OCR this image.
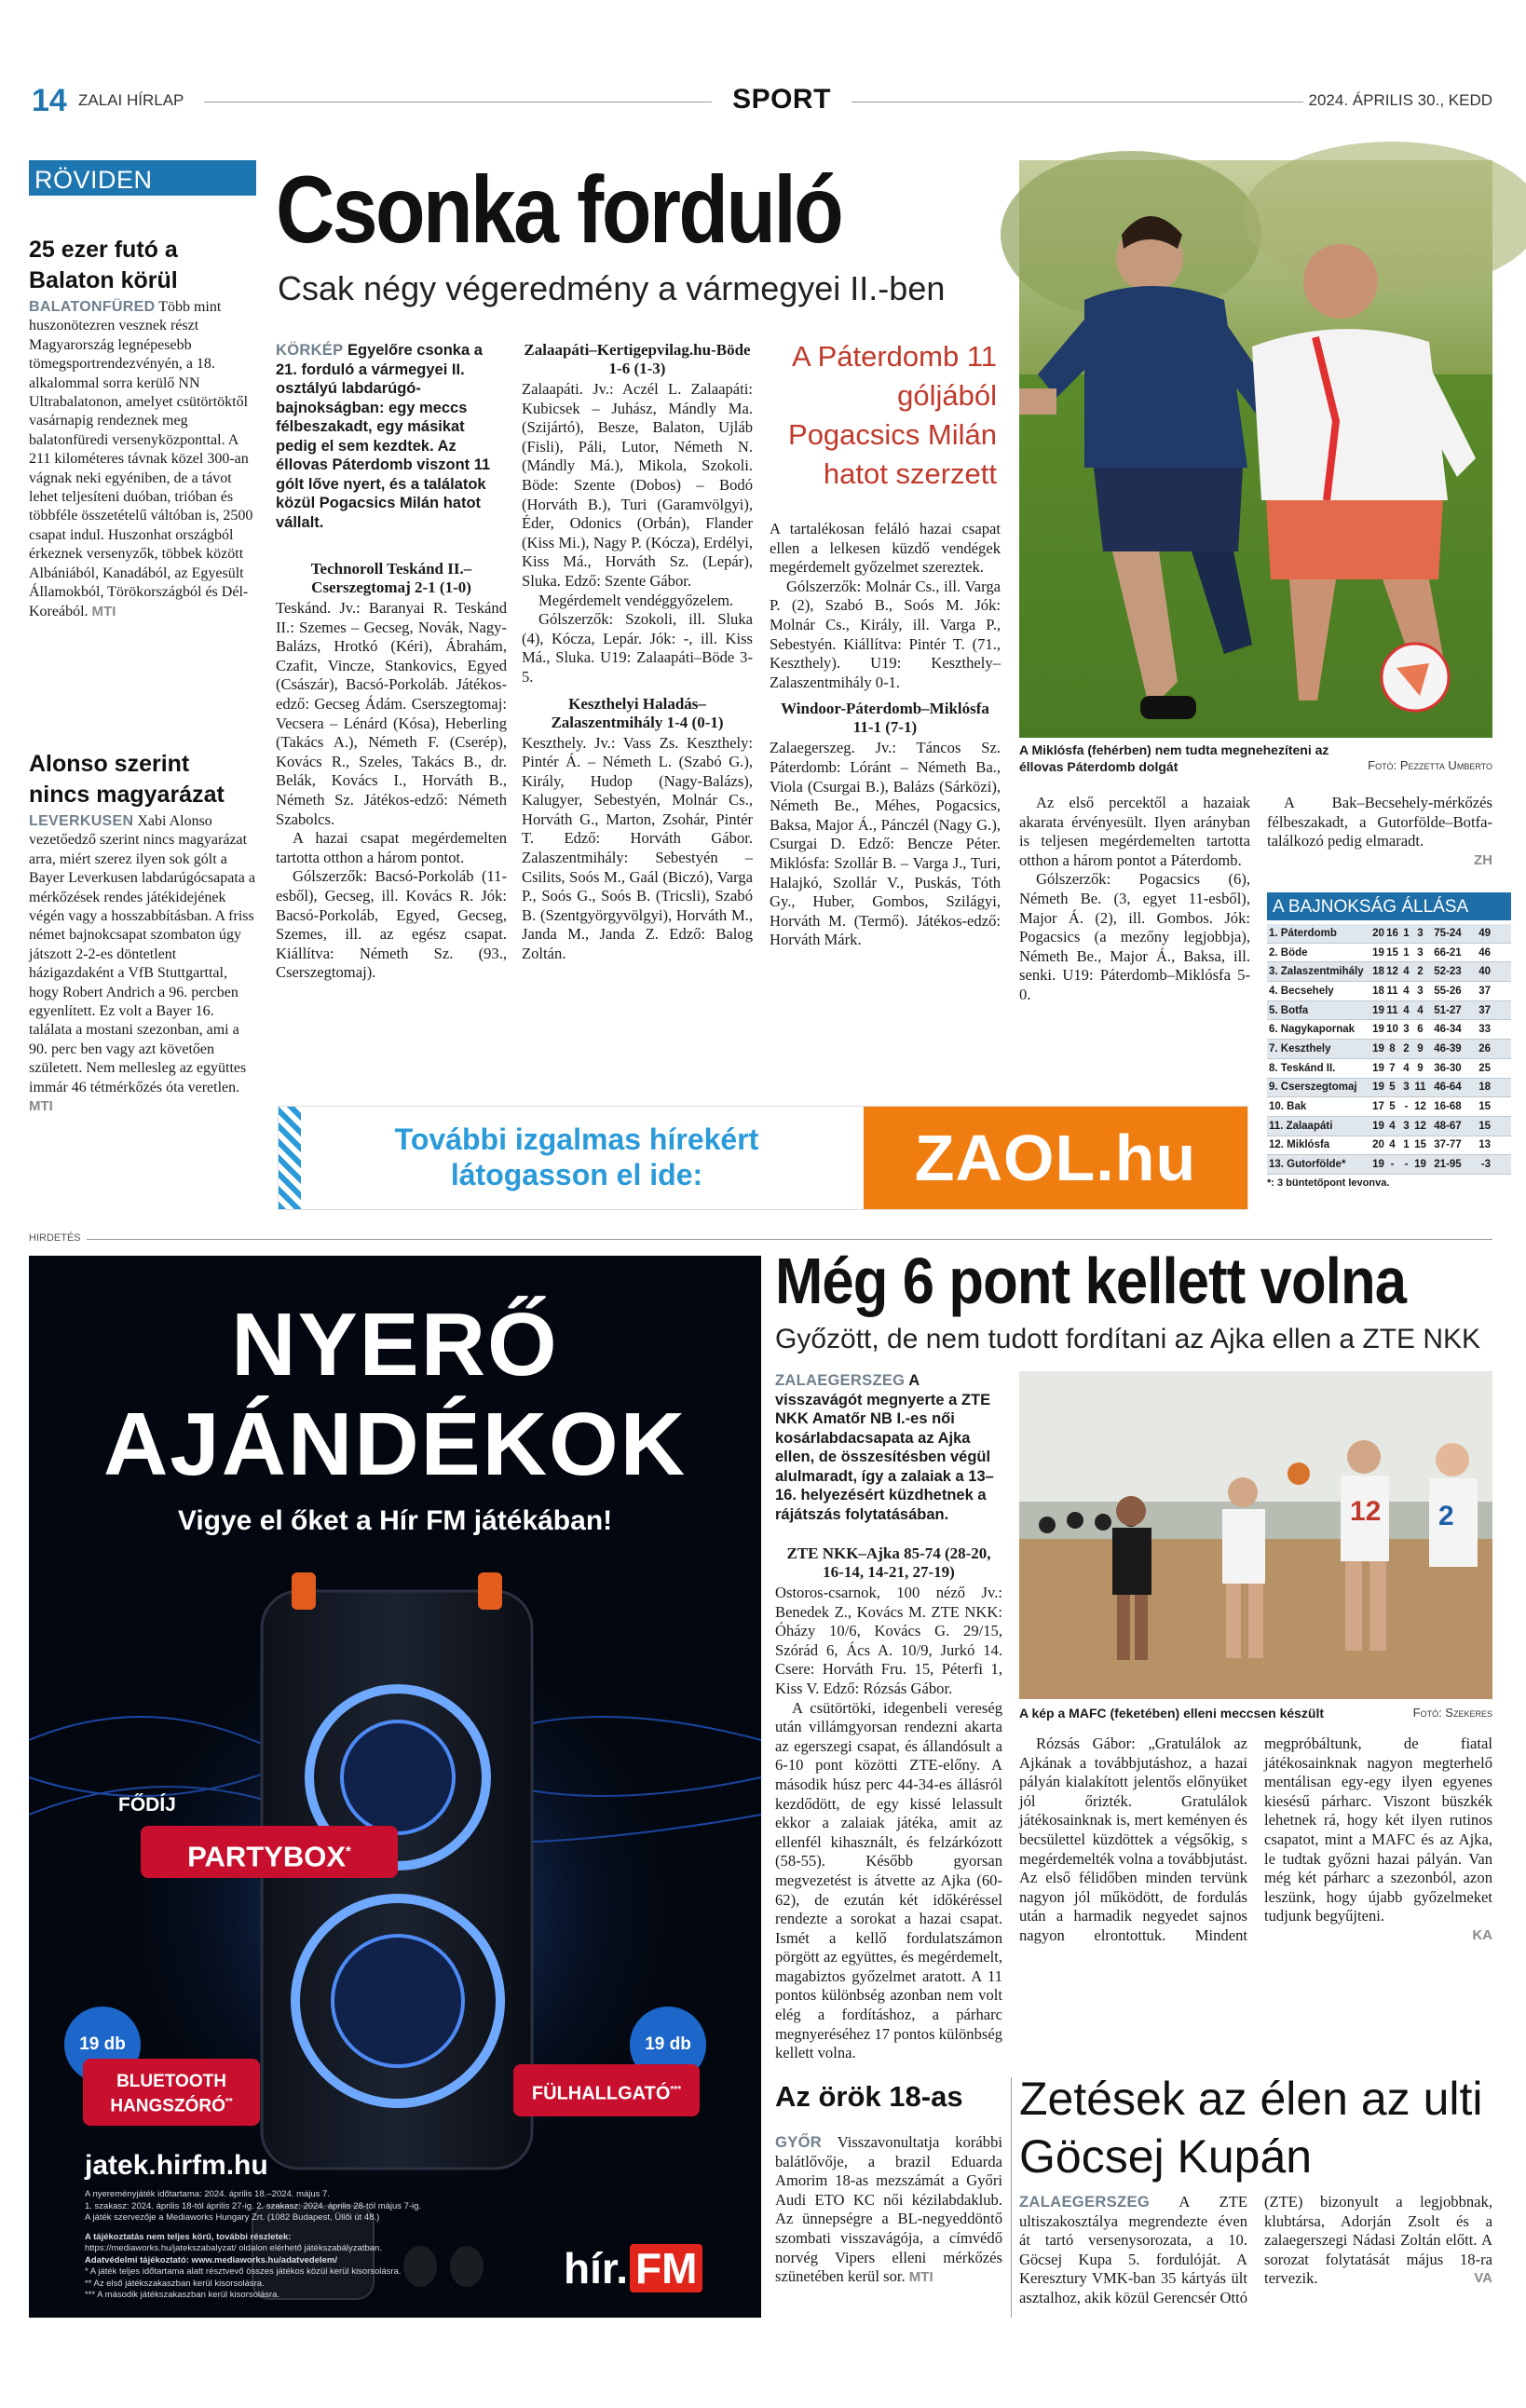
14 ZALAI HÍRLAP	SPORT	2024. ÁPRILIS 30., KEDD
RÖVIDEN
25 ezer futó a Balaton körül
BALATONFÜRED Több mint huszonötezren vesznek részt Magyarország legnépesebb tömegsportrendezvényén, a 18. alkalommal sorra kerülő NN Ultrabalatonon, amelyet csütörtöktől vasárnapig rendeznek meg balatonfüredi versenyközponttal. A 211 kilométeres távnak közel 300-an vágnak neki egyéniben, de a távot lehet teljesíteni duóban, trióban és többféle összetételű váltóban is, 2500 csapat indul. Huszonhat országból érkeznek versenyzők, többek között Albániából, Kanadából, az Egyesült Államokból, Törökországból és Dél-Koreából. MTI
Alonso szerint nincs magyarázat
LEVERKUSEN Xabi Alonso vezetőedző szerint nincs magyarázat arra, miért szerez ilyen sok gólt a Bayer Leverkusen labdarúgócsapata a mérkőzések rendes játékidejének végén vagy a hosszabbításban. A friss német bajnokcsapat szombaton úgy játszott 2-2-es döntetlent házigazdaként a VfB Stuttgarttal, hogy Robert Andrich a 96. percben egyenlített. Ez volt a Bayer 16. találata a mostani szezonban, ami a 90. perc ben vagy azt követően született. Nem mellesleg az együttes immár 46 tétmérkőzés óta veretlen. MTI
Csonka forduló
Csak négy végeredmény a vármegyei II.-ben
KÖRKÉP Egyelőre csonka a 21. forduló a vármegyei II. osztályú labdarúgó-bajnokságban: egy meccs félbeszakadt, egy másikat pedig el sem kezdtek. Az éllovas Páterdomb viszont 11 gólt lőve nyert, és a találatok közül Pogacsics Milán hatot vállalt.
Technoroll Teskánd II.–Cserszegtomaj 2-1 (1-0)

Teskánd. Jv.: Baranyai R. Teskánd II.: Szemes – Gecseg, Novák, Nagy-Balázs, Hrotkó (Kéri), Ábrahám, Czafit, Vincze, Stankovics, Egyed (Császár), Bacsó-Porkoláb. Játékos-edző: Gecseg Ádám. Cserszegtomaj: Vecsera – Lénárd (Kósa), Heberling (Takács A.), Németh F. (Cserép), Kovács R., Szeles, Takács B., dr. Belák, Kovács I., Horváth B., Németh Sz. Játékos-edző: Németh Szabolcs.

A hazai csapat megérdemelten tartotta otthon a három pontot.

Gólszerzők: Bacsó-Porkoláb (11-esből), Gecseg, ill. Kovács R. Jók: Bacsó-Porkoláb, Egyed, Gecseg, Szemes, ill. az egész csapat. Kiállítva: Németh Sz. (93., Cserszegtomaj).

Zalaapáti–Kertigepvilag.hu-Böde 1-6 (1-3)

Zalaapáti. Jv.: Aczél L. Zalaapáti: Kubicsek – Juhász, Mándly Ma. (Szijártó), Besze, Balaton, Ujláb (Fisli), Páli, Lutor, Németh N. (Mándly Má.), Mikola, Szokoli. Böde: Szente (Dobos) – Bodó (Horváth B.), Turi (Garamvölgyi), Éder, Odonics (Orbán), Flander (Kiss Mi.), Nagy P. (Kócza), Erdélyi, Kiss Má., Horváth Sz. (Lepár), Sluka. Edző: Szente Gábor.

Megérdemelt vendéggyőzelem.

Gólszerzők: Szokoli, ill. Sluka (4), Kócza, Lepár. Jók: -, ill. Kiss Má., Sluka. U19: Zalaapáti–Böde 3-5.

Keszthelyi Haladás–Zalaszentmihály 1-4 (0-1)

Keszthely. Jv.: Vass Zs. Keszthely: Pintér Á. – Németh L. (Szabó G.), Király, Hudop (Nagy-Balázs), Kalugyer, Sebestyén, Molnár Cs., Horváth G., Marton, Zsohár, Pintér T. Edző: Horváth Gábor. Zalaszentmihály: Sebestyén – Csilits, Soós M., Gaál (Biczó), Varga P., Soós G., Soós B. (Tricsli), Szabó B. (Szentgyörgyvölgyi), Horváth M., Janda M., Janda Z. Edző: Balog Zoltán.

A Páterdomb 11 góljából Pogacsics Milán hatot szerzett

A tartalékosan feláló hazai csapat ellen a lelkesen küzdő vendégek megérdemelt győzelmet szereztek.

Gólszerzők: Molnár Cs., ill. Varga P. (2), Szabó B., Soós M. Jók: Molnár Cs., Király, ill. Varga P., Sebestyén. Kiállítva: Pintér T. (71., Keszthely). U19: Keszthely–Zalaszentmihály 0-1.

Windoor-Páterdomb–Miklósfa 11-1 (7-1)

Zalaegerszeg. Jv.: Táncos Sz. Páterdomb: Lóránt – Németh Ba., Viola (Csurgai B.), Balázs (Sárközi), Németh Be., Méhes, Pogacsics, Baksa, Major Á., Pánczél (Nagy G.), Csurgai D. Edző: Bencze Péter. Miklósfa: Szollár B. – Varga J., Turi, Halajkó, Szollár V., Puskás, Tóth Gy., Huber, Gombos, Szilágyi, Horváth M. (Termő). Játékos-edző: Horváth Márk.

A Miklósfa (fehérben) nem tudta megnehezíteni az éllovas Páterdomb dolgát	Fotó: Pezzetta Umberto

Az első percektől a hazaiak akarata érvényesült. Ilyen arányban is teljesen megérdemelten tartotta otthon a három pontot a Páterdomb.

Gólszerzők: Pogacsics (6), Németh Be. (3, egyet 11-esből), Major Á. (2), ill. Gombos. Jók: Pogacsics (a mezőny legjobbja), Németh Be., Major Á., Baksa, ill. senki. U19: Páterdomb–Miklósfa 5-0.

A Bak–Becsehely-mérkőzés félbeszakadt, a Gutorfölde–Botfa-találkozó pedig elmaradt.

ZH
A BAJNOKSÁG ÁLLÁSA
1. Páterdomb	20 16 1 3	75-24	49
2. Böde	19 15 1 3	66-21	46
3. Zalaszentmihály 18 12 4 2	52-23	40
4. Becsehely	18 11 4 3	55-26	37
5. Botfa	19 11 4 4	51-27	37
6. Nagykapornak	19 10 3 6	46-34	33
7. Keszthely	19 8 2 9	46-39	26
8. Teskánd II.	19 7 4 9	36-30	25
9. Cserszegtomaj	19 5 3 11 46-64	18
10. Bak	17 5 - 12 16-68	15
11. Zalaapáti	19 4 3 12 48-67	15
12. Miklósfa	20 4 1 15 37-77	13
13. Gutorfölde*	19 - - 19 21-95	-3
*: 3 büntetőpont levonva.
További izgalmas hírekért látogasson el ide:	ZAOL.hu
HIRDETÉS
NYERŐ
AJÁNDÉKOK
Vigye el őket a Hír FM játékában!
FŐDÍJ
PARTYBOX*
19 db	19 db
BLUETOOTH HANGSZÓRÓ**	FÜLHALLGATÓ***
jatek.hirfm.hu
A nyereményjáték időtartama: 2024. április 18.–2024. május 7.
1. szakasz: 2024. április 18-tól április 27-ig. 2. szakasz: 2024. április 28-tól május 7-ig.
A játék szervezője a Mediaworks Hungary Zrt. (1082 Budapest, Üllői út 48.)
A tájékoztatás nem teljes körű, további részletek:
https://mediaworks.hu/jatekszabalyzat/ oldalon elérhető játékszabályzatban.
Adatvédelmi tájékoztató: www.mediaworks.hu/adatvedelem/
* A játék teljes időtartama alatt résztvevő összes játékos közül kerül kisorsolásra.
** Az első játékszakaszban kerül kisorsolásra.
*** A második játékszakaszban kerül kisorsolásra.
hír. FM
Még 6 pont kellett volna
Győzött, de nem tudott fordítani az Ajka ellen a ZTE NKK
ZALAEGERSZEG A visszavágót megnyerte a ZTE NKK Amatőr NB I.-es női kosárlabdacsapata az Ajka ellen, de összesítésben végül alulmaradt, így a zalaiak a 13–16. helyezésért küzdhetnek a rájátszás folytatásában.
ZTE NKK–Ajka 85-74 (28-20, 16-14, 14-21, 27-19)

Ostoros-csarnok, 100 néző Jv.: Benedek Z., Kovács M. ZTE NKK: Óházy 10/6, Kovács G. 29/15, Szórád 6, Ács A. 10/9, Jurkó 14. Csere: Horváth Fru. 15, Péterfi 1, Kiss V. Edző: Rózsás Gábor.

A csütörtöki, idegenbeli vereség után villámgyorsan rendezni akarta az egerszegi csapat, és állandósult a 6-10 pont közötti ZTE-előny. A második húsz perc 44-34-es állásról kezdődött, de egy kissé lelassult ekkor a zalaiak játéka, amit az ellenfél kihasznált, és felzárkózott (58-55). Később gyorsan megvezetést is átvette az Ajka (60-62), de ezután két időkéréssel rendezte a sorokat a hazai csapat. Ismét a kellő fordulatszámon pörgött az együttes, és megérdemelt, magabiztos győzelmet aratott. A 11 pontos különbség azonban nem volt elég a fordításhoz, a párharc megnyeréséhez 17 pontos különbség kellett volna.

12 2
A kép a MAFC (feketében) elleni meccsen készült	Fotó: Szekeres

Rózsás Gábor: „Gratulálok az Ajkának a továbbjutáshoz, a hazai pályán kialakított jelentős előnyüket jól őrizték. Gratulálok játékosainknak is, mert keményen és becsülettel küzdöttek a végsőkig, s megérdemelték volna a továbbjutást. Az első félidőben minden tervünk nagyon jól működött, de fordulás után a harmadik negyedet sajnos nagyon elrontottuk. Mindent megpróbáltunk, de fiatal játékosainknak nagyon megterhelő mentálisan egy-egy ilyen egyenes kiesésű párharc. Viszont büszkék lehetnek rá, hogy két ilyen rutinos csapatot, mint a MAFC és az Ajka, le tudtak győzni hazai pályán. Van még két párharc a szezonból, azon leszünk, hogy újabb győzelmeket tudjunk begyűjteni.

KA
Az örök 18-as
GYŐR Visszavonultatja korábbi balátlővője, a brazil Eduarda Amorim 18-as mezszámát a Győri Audi ETO KC női kézilabdaklub. Az ünnepségre a BL-negyeddöntő szombati visszavágója, a címvédő norvég Vipers elleni mérkőzés szünetében kerül sor. MTI
Zetések az élen az ulti Göcsej Kupán
ZALAEGERSZEG A ZTE ultiszakosztálya megrendezte éven át tartó versenysorozata, a 10. Göcsej Kupa 5. fordulóját. A Keresztury VMK-ban 35 kártyás ült asztalhoz, akik közül Gerencsér Ottó (ZTE) bizonyult a legjobbnak, klubtársa, Adorján Zsolt és a zalaegerszegi Nádasi Zoltán előtt. A sorozat folytatását május 18-ra tervezik.	VA
